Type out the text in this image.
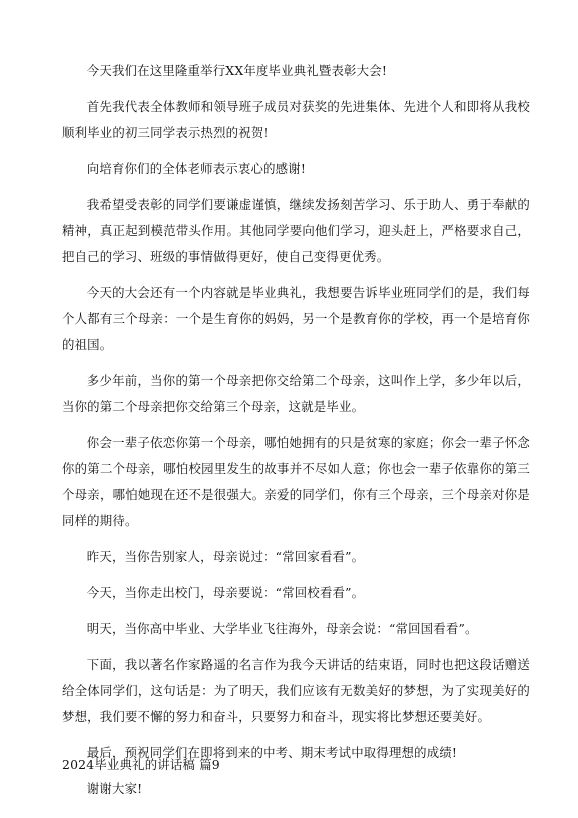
今天我们在这里隆重举行XX年度毕业典礼暨表彰大会!

首先我代表全体教师和领导班子成员对获奖的先进集体、先进个人和即将从我校顺利毕业的初三同学表示热烈的祝贺!

向培育你们的全体老师表示衷心的感谢!

我希望受表彰的同学们要谦虚谨慎，继续发扬刻苦学习、乐于助人、勇于奉献的精神，真正起到模范带头作用。其他同学要向他们学习，迎头赶上，严格要求自己，把自己的学习、班级的事情做得更好，使自己变得更优秀。

今天的大会还有一个内容就是毕业典礼，我想要告诉毕业班同学们的是，我们每个人都有三个母亲：一个是生育你的妈妈，另一个是教育你的学校，再一个是培育你的祖国。

多少年前，当你的第一个母亲把你交给第二个母亲，这叫作上学，多少年以后，当你的第二个母亲把你交给第三个母亲，这就是毕业。

你会一辈子依恋你第一个母亲，哪怕她拥有的只是贫寒的家庭；你会一辈子怀念你的第二个母亲，哪怕校园里发生的故事并不尽如人意；你也会一辈子依靠你的第三个母亲，哪怕她现在还不是很强大。亲爱的同学们，你有三个母亲，三个母亲对你是同样的期待。

昨天，当你告别家人，母亲说过：“常回家看看”。

今天，当你走出校门，母亲要说：“常回校看看”。

明天，当你高中毕业、大学毕业飞往海外，母亲会说：“常回国看看”。

下面，我以著名作家路遥的名言作为我今天讲话的结束语，同时也把这段话赠送给全体同学们，这句话是：为了明天，我们应该有无数美好的梦想，为了实现美好的梦想，我们要不懈的努力和奋斗，只要努力和奋斗，现实将比梦想还要美好。

最后，预祝同学们在即将到来的中考、期末考试中取得理想的成绩!

谢谢大家!

2024毕业典礼的讲话稿 篇9
